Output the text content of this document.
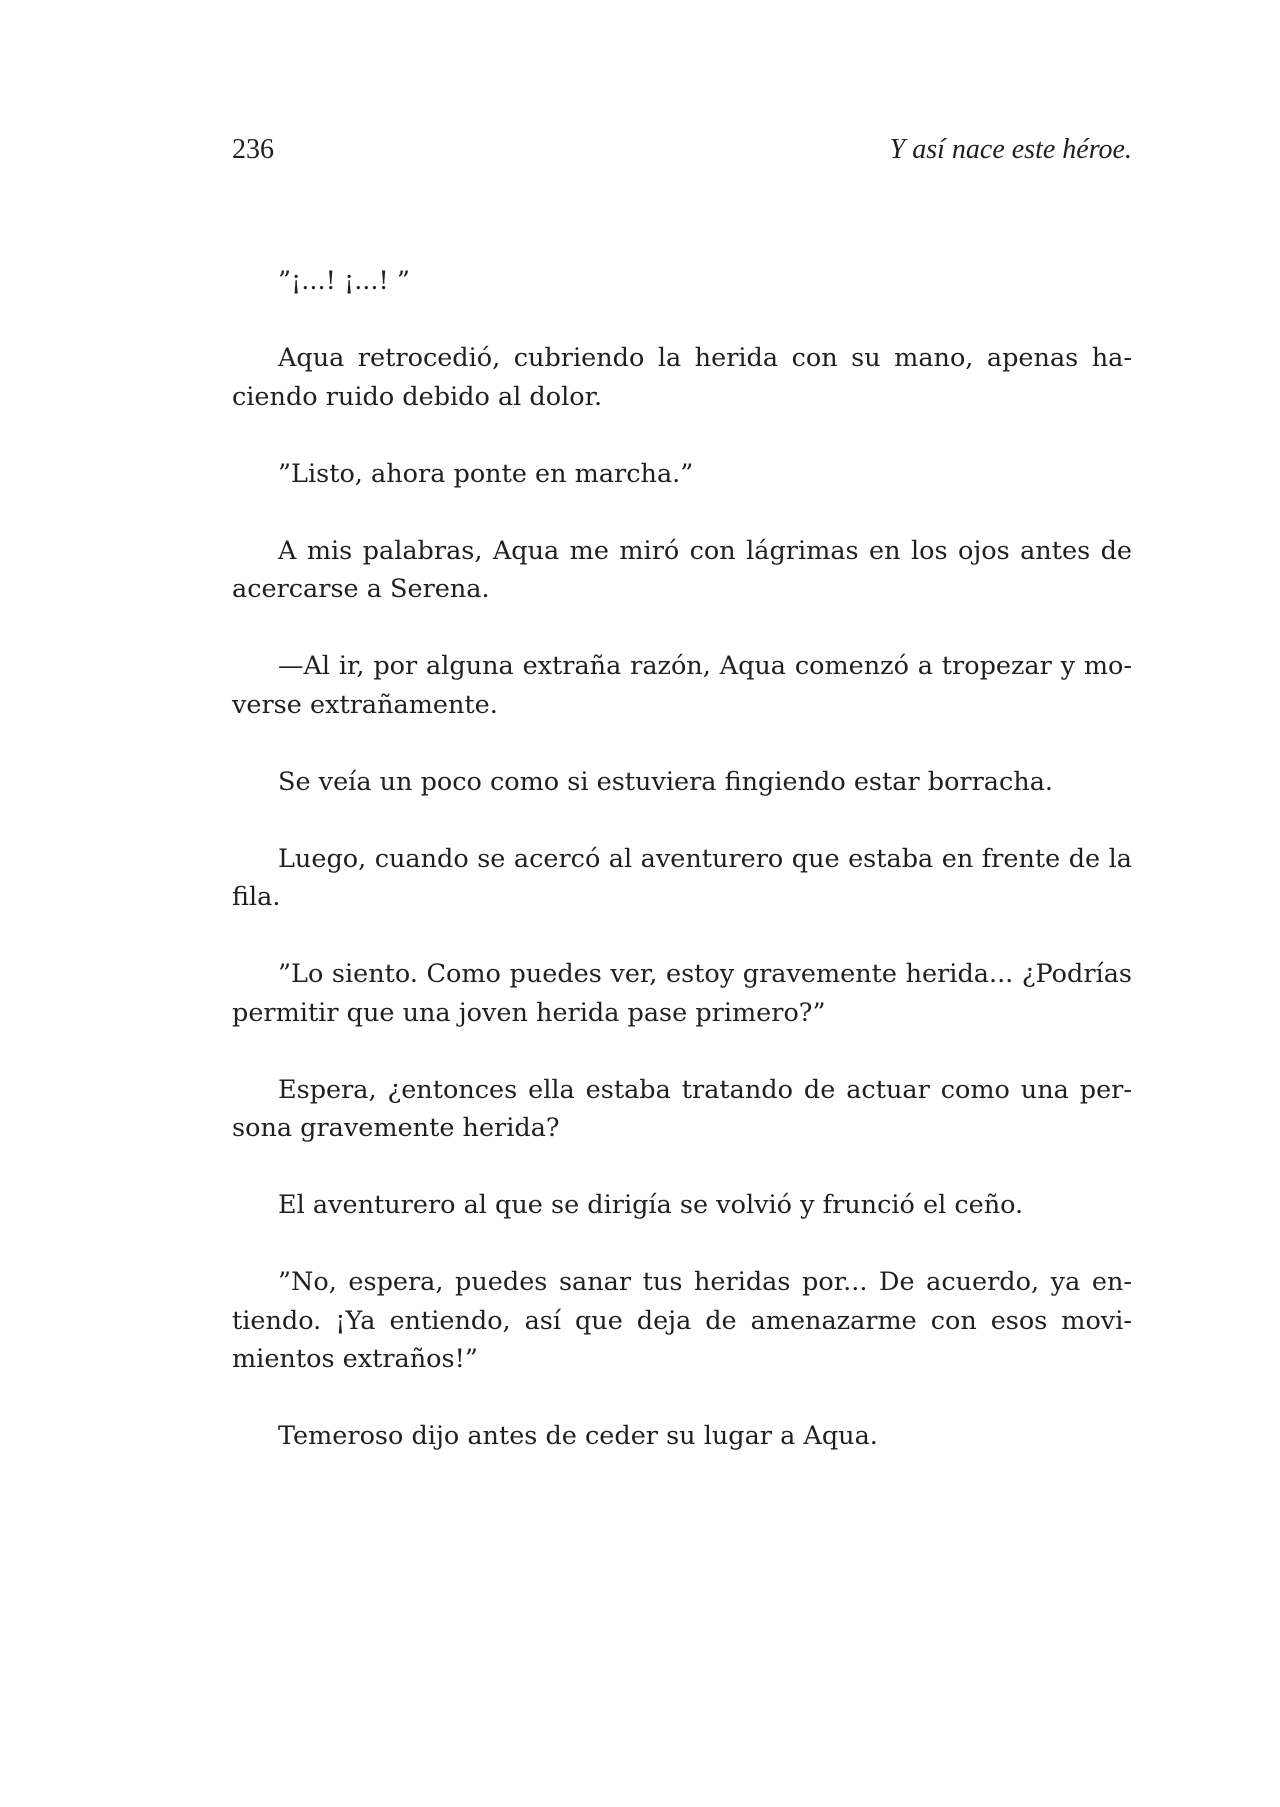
236	Y así nace este héroe.

”¡...! ¡...! ”

Aqua retrocedió, cubriendo la herida con su mano, apenas haciendo ruido debido al dolor.

”Listo, ahora ponte en marcha.”

A mis palabras, Aqua me miró con lágrimas en los ojos antes de acercarse a Serena.

—Al ir, por alguna extraña razón, Aqua comenzó a tropezar y moverse extrañamente.

Se veía un poco como si estuviera fingiendo estar borracha.

Luego, cuando se acercó al aventurero que estaba en frente de la fila.

”Lo siento. Como puedes ver, estoy gravemente herida... ¿Podrías permitir que una joven herida pase primero?”

Espera, ¿entonces ella estaba tratando de actuar como una persona gravemente herida?

El aventurero al que se dirigía se volvió y frunció el ceño.

”No, espera, puedes sanar tus heridas por... De acuerdo, ya entiendo. ¡Ya entiendo, así que deja de amenazarme con esos movimientos extraños!”

Temeroso dijo antes de ceder su lugar a Aqua.
